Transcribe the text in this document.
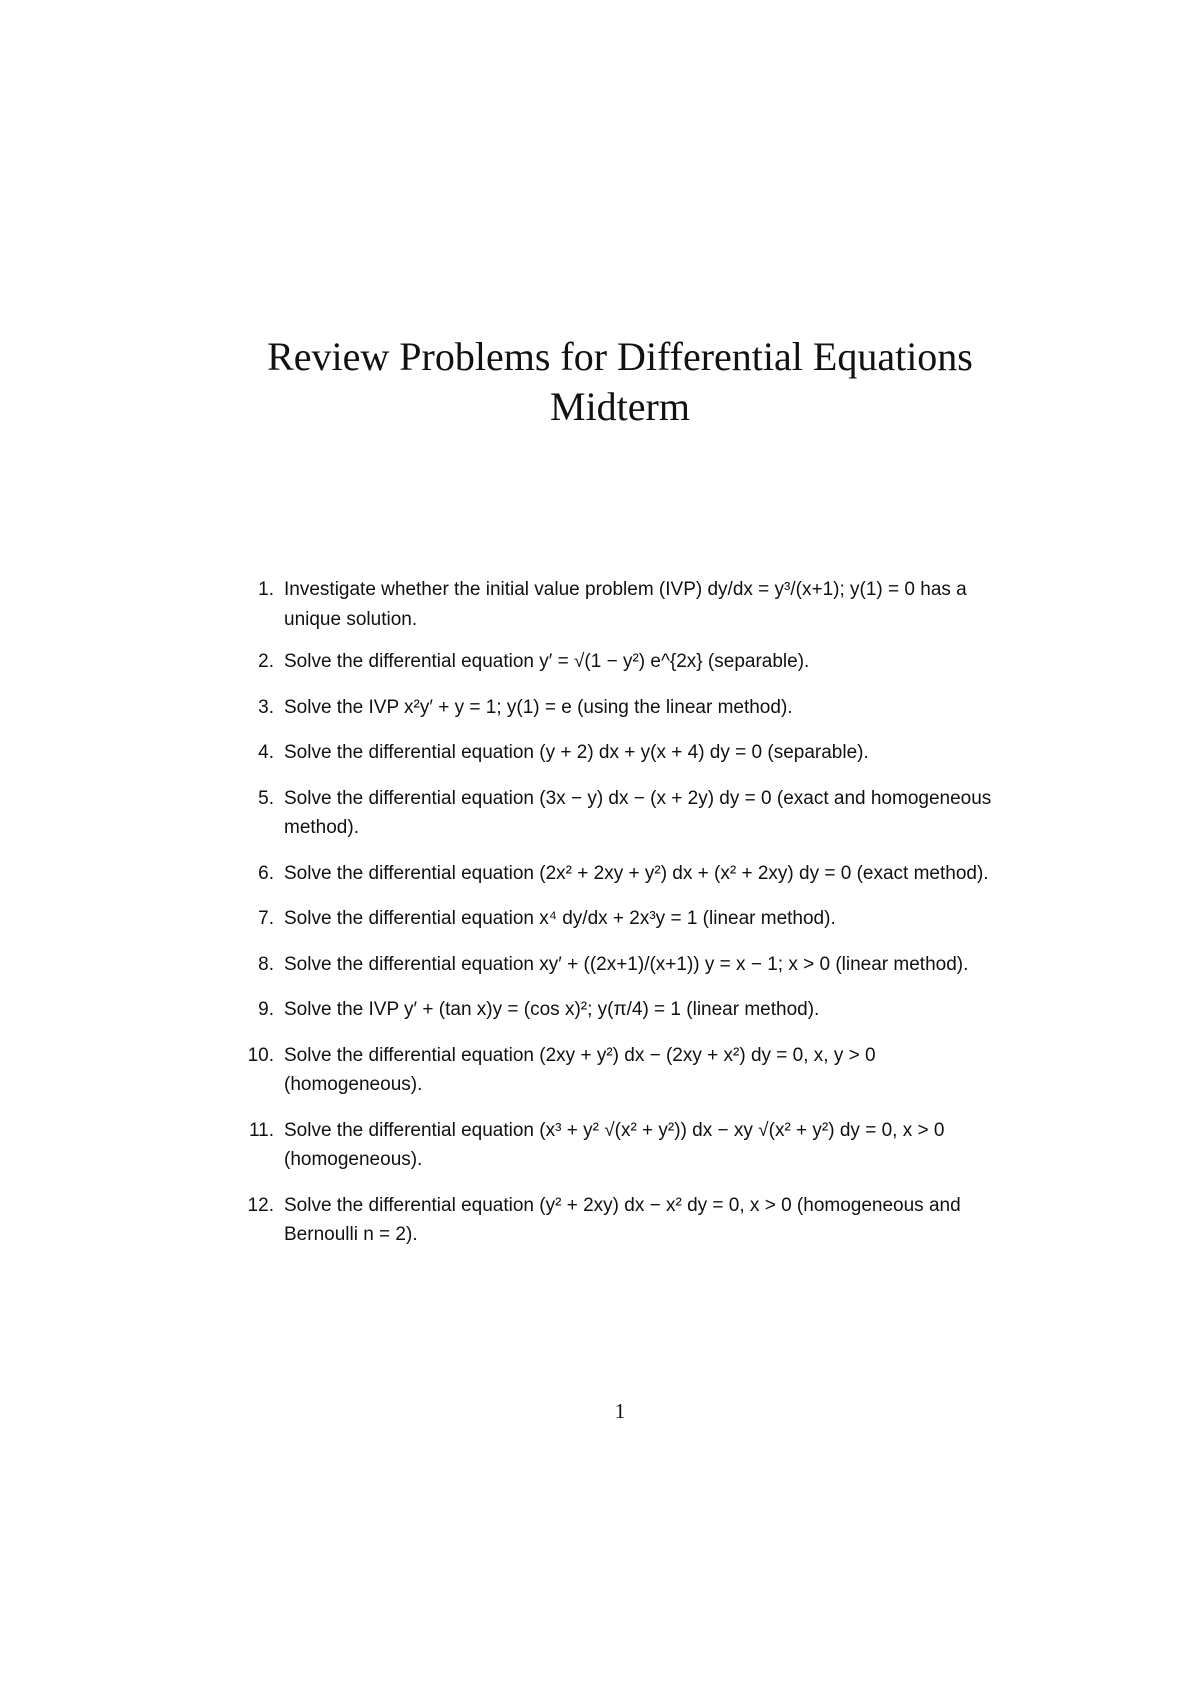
Review Problems for Differential Equations
Midterm
1. Investigate whether the initial value problem (IVP) dy/dx = y³/(x+1); y(1) = 0 has a unique solution.
2. Solve the differential equation y′ = √(1 − y²) e^{2x} (separable).
3. Solve the IVP x²y′ + y = 1; y(1) = e (using the linear method).
4. Solve the differential equation (y + 2) dx + y(x + 4) dy = 0 (separable).
5. Solve the differential equation (3x − y) dx − (x + 2y) dy = 0 (exact and homogeneous method).
6. Solve the differential equation (2x² + 2xy + y²) dx + (x² + 2xy) dy = 0 (exact method).
7. Solve the differential equation x⁴ dy/dx + 2x³y = 1 (linear method).
8. Solve the differential equation xy′ + ((2x+1)/(x+1)) y = x − 1; x > 0 (linear method).
9. Solve the IVP y′ + (tan x)y = (cos x)²; y(π/4) = 1 (linear method).
10. Solve the differential equation (2xy + y²) dx − (2xy + x²) dy = 0, x, y > 0 (homogeneous).
11. Solve the differential equation (x³ + y² √(x² + y²)) dx − xy √(x² + y²) dy = 0, x > 0 (homogeneous).
12. Solve the differential equation (y² + 2xy) dx − x² dy = 0, x > 0 (homogeneous and Bernoulli n = 2).
1
